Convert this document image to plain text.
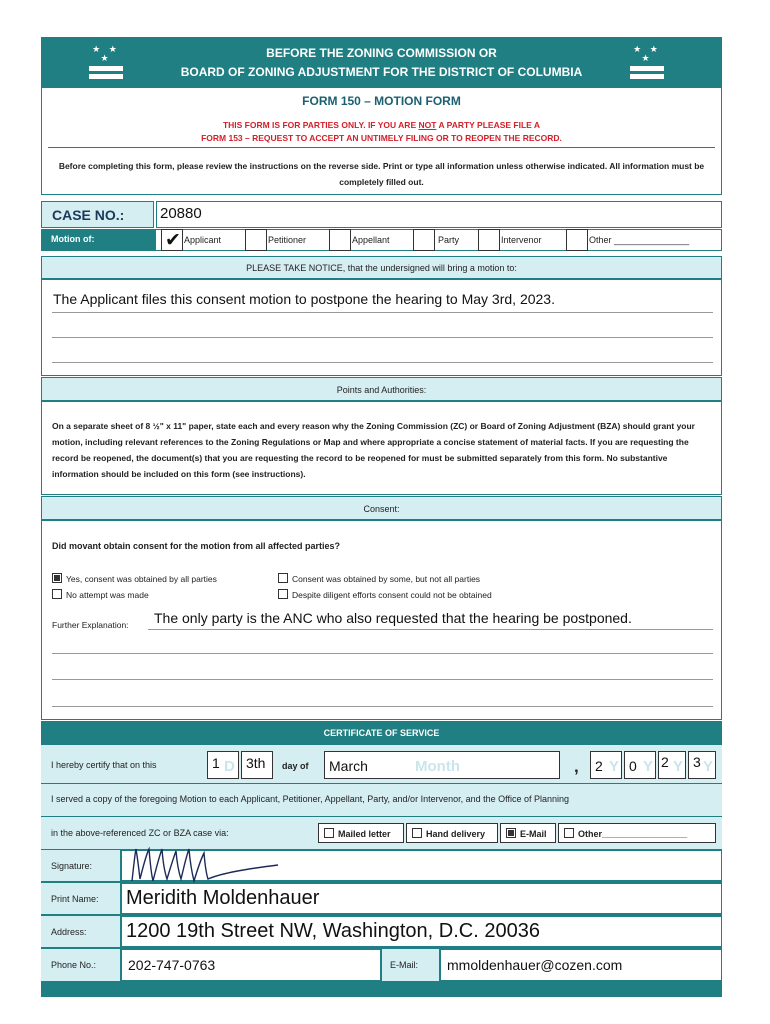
★ ★ ★	BEFORE THE ZONING COMMISSION OR
BOARD OF ZONING ADJUSTMENT FOR THE DISTRICT OF COLUMBIA
★ ★ ★
FORM 150 – MOTION FORM
THIS FORM IS FOR PARTIES ONLY. IF YOU ARE NOT A PARTY PLEASE FILE A
FORM 153 – REQUEST TO ACCEPT AN UNTIMELY FILING OR TO REOPEN THE RECORD.
Before completing this form, please review the instructions on the reverse side. Print or type all information unless otherwise indicated. All information must be completely filled out.
CASE NO.: 20880
Motion of:	✔ Applicant	Petitioner	Appellant	Party	Intervenor	Other _______________
PLEASE TAKE NOTICE, that the undersigned will bring a motion to:
The Applicant files this consent motion to postpone the hearing to May 3rd, 2023.
Points and Authorities:
On a separate sheet of 8 ½" x 11" paper, state each and every reason why the Zoning Commission (ZC) or Board of Zoning Adjustment (BZA) should grant your motion, including relevant references to the Zoning Regulations or Map and where appropriate a concise statement of material facts. If you are requesting the record be reopened, the document(s) that you are requesting the record to be reopened for must be submitted separately from this form. No substantive information should be included on this form (see instructions).
Consent:
Did movant obtain consent for the motion from all affected parties?
Yes, consent was obtained by all parties	Consent was obtained by some, but not all parties
No attempt was made	Despite diligent efforts consent could not be obtained
Further Explanation: The only party is the ANC who also requested that the hearing be postponed.
CERTIFICATE OF SERVICE
I hereby certify that on this	1 D 3th day of March	Month	, 2 Y 0 Y 2 Y 3 Y
I served a copy of the foregoing Motion to each Applicant, Petitioner, Appellant, Party, and/or Intervenor, and the Office of Planning
in the above-referenced ZC or BZA case via:	Mailed letter	Hand delivery	E-Mail	Other_________________
Signature:
Print Name: Meridith Moldenhauer
Address: 1200 19th Street NW, Washington, D.C. 20036
Phone No.: 202-747-0763	E-Mail: mmoldenhauer@cozen.com
